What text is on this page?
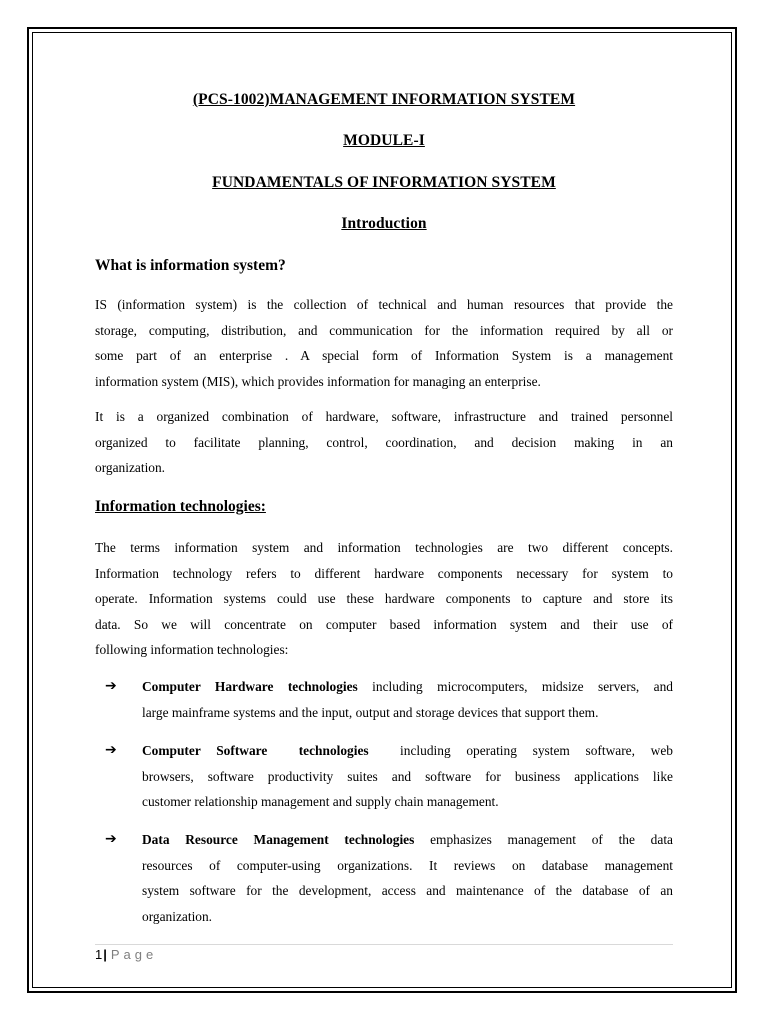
(PCS-1002)MANAGEMENT INFORMATION SYSTEM
MODULE-I
FUNDAMENTALS OF INFORMATION SYSTEM
Introduction
What is information system?
IS (information system) is the collection of technical and human resources that provide the
storage, computing, distribution, and communication for the information required by all or
some part of an enterprise . A special form of Information System is a management
information system (MIS), which provides information for managing an enterprise.
It is a organized combination of hardware, software, infrastructure and trained personnel
organized to facilitate planning, control, coordination, and decision making in an
organization.
Information technologies:
The terms information system and information technologies are two different concepts.
Information technology refers to different hardware components necessary for system to
operate. Information systems could use these hardware components to capture and store its
data. So we will concentrate on computer based information system and their use of
following information technologies:
➔ Computer Hardware technologies including microcomputers, midsize servers, and
large mainframe systems and the input, output and storage devices that support them.
➔ Computer Software  technologies  including operating system software, web
browsers, software productivity suites and software for business applications like
customer relationship management and supply chain management.
➔ Data Resource Management technologies emphasizes management of the data
resources of computer-using organizations. It reviews on database management
system software for the development, access and maintenance of the database of an
organization.
1| Page
